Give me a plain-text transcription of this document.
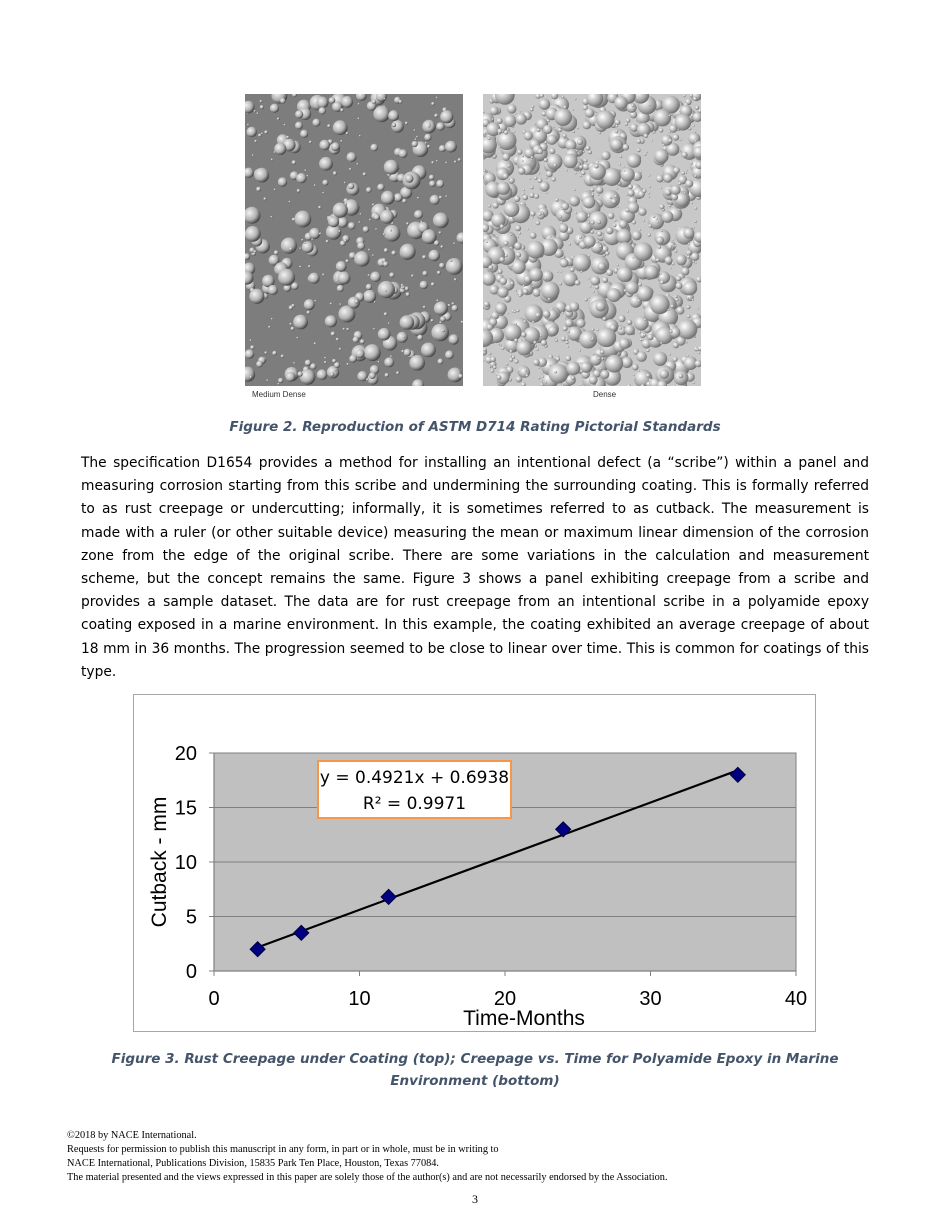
Medium Dense	Dense
Figure 2. Reproduction of ASTM D714 Rating Pictorial Standards

The specification D1654 provides a method for installing an intentional defect (a “scribe”) within a panel and measuring corrosion starting from this scribe and undermining the surrounding coating. This is formally referred to as rust creepage or undercutting; informally, it is sometimes referred to as cutback. The measurement is made with a ruler (or other suitable device) measuring the mean or maximum linear dimension of the corrosion zone from the edge of the original scribe. There are some variations in the calculation and measurement scheme, but the concept remains the same. Figure 3 shows a panel exhibiting creepage from a scribe and provides a sample dataset. The data are for rust creepage from an intentional scribe in a polyamide epoxy coating exposed in a marine environment. In this example, the coating exhibited an average creepage of about 18 mm in 36 months. The progression seemed to be close to linear over time. This is common for coatings of this type.

0
5
10
15
20
0	10	20	30	40
y = 0.4921x + 0.6938
R² = 0.9971
Cutback - mm
Time-Months
Figure 3. Rust Creepage under Coating (top); Creepage vs. Time for Polyamide Epoxy in Marine Environment (bottom)
©2018 by NACE International.
Requests for permission to publish this manuscript in any form, in part or in whole, must be in writing to
NACE International, Publications Division, 15835 Park Ten Place, Houston, Texas 77084.
The material presented and the views expressed in this paper are solely those of the author(s) and are not necessarily endorsed by the Association.
3
